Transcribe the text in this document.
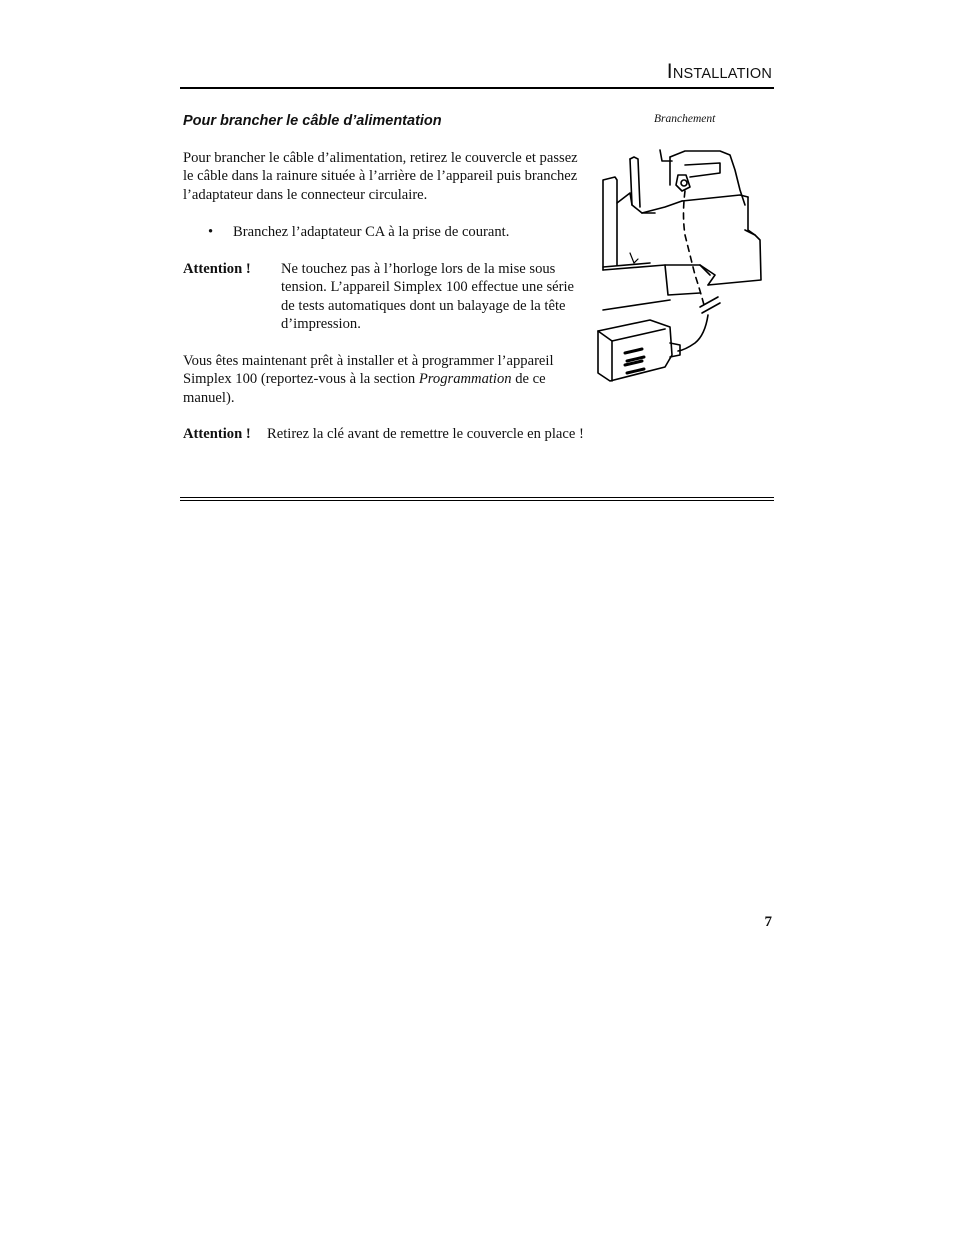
INSTALLATION
Pour brancher le câble d’alimentation	Branchement
Pour brancher le câble d’alimentation, retirez le couvercle et passez le câble dans la rainure située à l’arrière de l’appareil puis branchez l’adaptateur dans le connecteur circulaire.
• Branchez l’adaptateur CA à la prise de courant.
Attention ! Ne touchez pas à l’horloge lors de la mise sous tension. L’appareil Simplex 100 effectue une série de tests automatiques dont un balayage de la tête d’impression.
Vous êtes maintenant prêt à installer et à programmer l’appareil Simplex 100 (reportez-vous à la section Programmation de ce manuel).
Attention ! Retirez la clé avant de remettre le couvercle en place !
7
